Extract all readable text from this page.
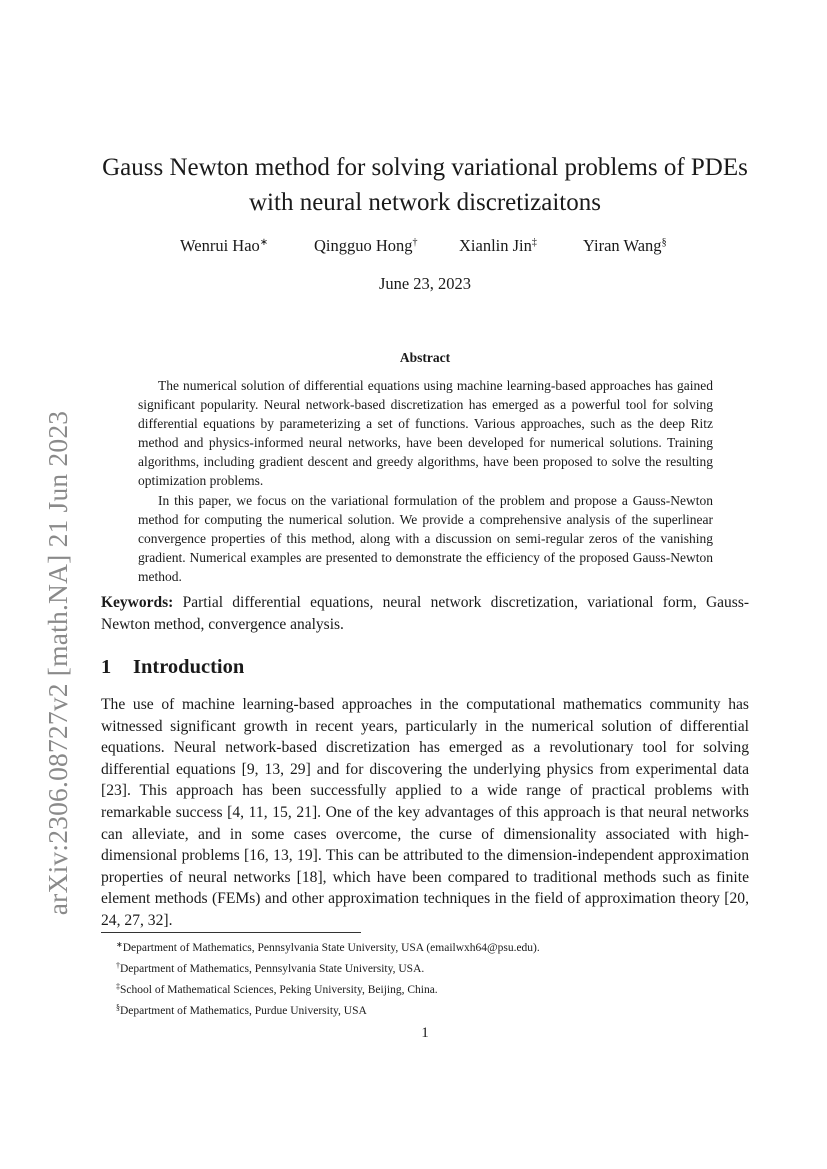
arXiv:2306.08727v2 [math.NA] 21 Jun 2023
Gauss Newton method for solving variational problems of PDEs with neural network discretizaitons
Wenrui Hao∗	Qingguo Hong†	Xianlin Jin‡	Yiran Wang§
June 23, 2023
Abstract

The numerical solution of differential equations using machine learning-based approaches has gained significant popularity. Neural network-based discretization has emerged as a powerful tool for solving differential equations by parameterizing a set of functions. Various approaches, such as the deep Ritz method and physics-informed neural networks, have been developed for numerical solutions. Training algorithms, including gradient descent and greedy algorithms, have been proposed to solve the resulting optimization problems.

In this paper, we focus on the variational formulation of the problem and propose a Gauss-Newton method for computing the numerical solution. We provide a comprehensive analysis of the superlinear convergence properties of this method, along with a discussion on semi-regular zeros of the vanishing gradient. Numerical examples are presented to demonstrate the efficiency of the proposed Gauss-Newton method.

Keywords: Partial differential equations, neural network discretization, variational form, Gauss-Newton method, convergence analysis.
1 Introduction

The use of machine learning-based approaches in the computational mathematics community has witnessed significant growth in recent years, particularly in the numerical solution of differential equations. Neural network-based discretization has emerged as a revolutionary tool for solving differential equations [9, 13, 29] and for discovering the underlying physics from experimental data [23]. This approach has been successfully applied to a wide range of practical problems with remarkable success [4, 11, 15, 21]. One of the key advantages of this approach is that neural networks can alleviate, and in some cases overcome, the curse of dimensionality associated with high-dimensional problems [16, 13, 19]. This can be attributed to the dimension-independent approximation properties of neural networks [18], which have been compared to traditional methods such as finite element methods (FEMs) and other approximation techniques in the field of approximation theory [20, 24, 27, 32].

∗Department of Mathematics, Pennsylvania State University, USA (emailwxh64@psu.edu).
†Department of Mathematics, Pennsylvania State University, USA.
‡School of Mathematical Sciences, Peking University, Beijing, China.
§Department of Mathematics, Purdue University, USA
1
